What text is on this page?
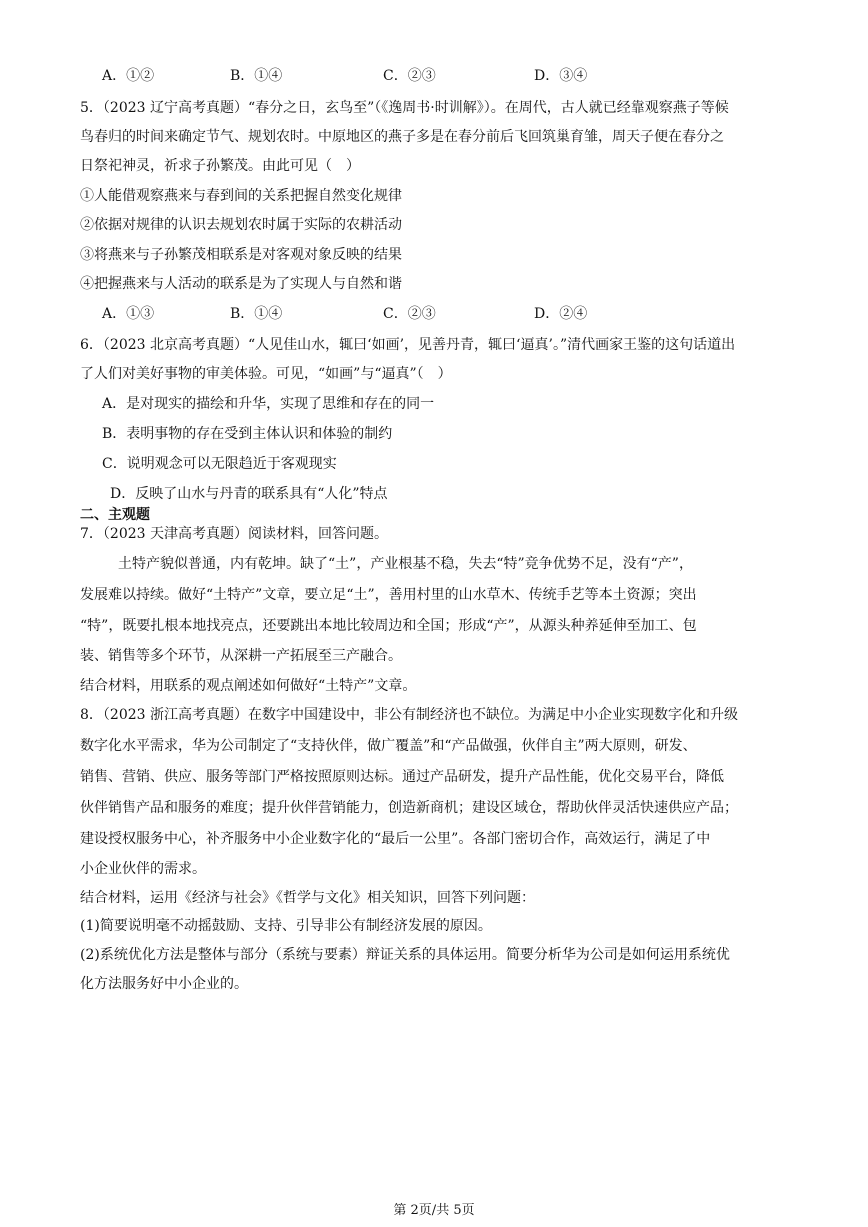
A．①②	B．①④	C．②③	D．③④
5．（2023 辽宁高考真题）“春分之日，玄鸟至”（《逸周书·时训解》）。在周代，古人就已经靠观察燕子等候
鸟春归的时间来确定节气、规划农时。中原地区的燕子多是在春分前后飞回筑巢育雏，周天子便在春分之
日祭祀神灵，祈求子孙繁茂。由此可见（　）
①人能借观察燕来与春到间的关系把握自然变化规律
②依据对规律的认识去规划农时属于实际的农耕活动
③将燕来与子孙繁茂相联系是对客观对象反映的结果
④把握燕来与人活动的联系是为了实现人与自然和谐
A．①③	B．①④	C．②③	D．②④
6．（2023 北京高考真题）“人见佳山水，辄曰‘如画’，见善丹青，辄曰‘逼真’。”清代画家王鉴的这句话道出
了人们对美好事物的审美体验。可见，“如画”与“逼真”（　）
A．是对现实的描绘和升华，实现了思维和存在的同一
B．表明事物的存在受到主体认识和体验的制约
C．说明观念可以无限趋近于客观现实
D．反映了山水与丹青的联系具有“人化”特点
二、主观题
7．（2023 天津高考真题）阅读材料，回答问题。
土特产貌似普通，内有乾坤。缺了“土”，产业根基不稳，失去“特”竞争优势不足，没有“产”，
发展难以持续。做好“土特产”文章，要立足“土”，善用村里的山水草木、传统手艺等本土资源；突出
“特”，既要扎根本地找亮点，还要跳出本地比较周边和全国；形成“产”，从源头种养延伸至加工、包
装、销售等多个环节，从深耕一产拓展至三产融合。
结合材料，用联系的观点阐述如何做好“土特产”文章。
8．（2023 浙江高考真题）在数字中国建设中，非公有制经济也不缺位。为满足中小企业实现数字化和升级
数字化水平需求，华为公司制定了“支持伙伴，做广覆盖”和“产品做强，伙伴自主”两大原则，研发、
销售、营销、供应、服务等部门严格按照原则达标。通过产品研发，提升产品性能，优化交易平台，降低
伙伴销售产品和服务的难度；提升伙伴营销能力，创造新商机；建设区域仓，帮助伙伴灵活快速供应产品；
建设授权服务中心，补齐服务中小企业数字化的“最后一公里”。各部门密切合作，高效运行，满足了中
小企业伙伴的需求。
结合材料，运用《经济与社会》《哲学与文化》相关知识，回答下列问题：
(1)简要说明毫不动摇鼓励、支持、引导非公有制经济发展的原因。
(2)系统优化方法是整体与部分（系统与要素）辩证关系的具体运用。简要分析华为公司是如何运用系统优
化方法服务好中小企业的。
第 2页/共 5页
